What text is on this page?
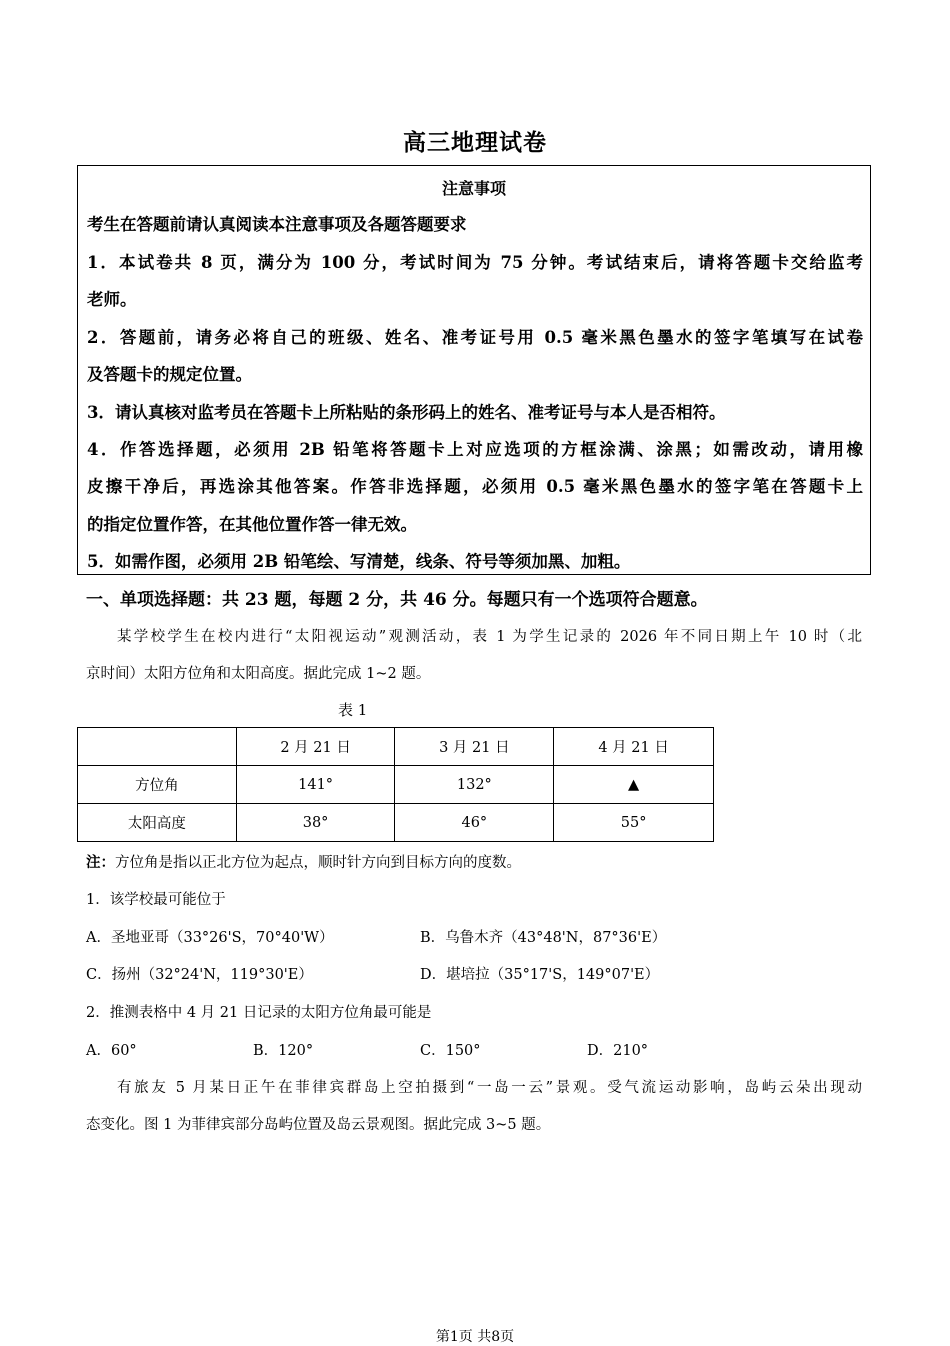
高三地理试卷
注意事项
考生在答题前请认真阅读本注意事项及各题答题要求
1．本试卷共 8 页，满分为 100 分，考试时间为 75 分钟。考试结束后，请将答题卡交给监考
老师。
2．答题前，请务必将自己的班级、姓名、准考证号用 0.5 毫米黑色墨水的签字笔填写在试卷
及答题卡的规定位置。
3．请认真核对监考员在答题卡上所粘贴的条形码上的姓名、准考证号与本人是否相符。
4．作答选择题，必须用 2B 铅笔将答题卡上对应选项的方框涂满、涂黑；如需改动，请用橡
皮擦干净后，再选涂其他答案。作答非选择题，必须用 0.5 毫米黑色墨水的签字笔在答题卡上
的指定位置作答，在其他位置作答一律无效。
5．如需作图，必须用 2B 铅笔绘、写清楚，线条、符号等须加黑、加粗。
一、单项选择题：共 23 题，每题 2 分，共 46 分。每题只有一个选项符合题意。
某学校学生在校内进行“太阳视运动”观测活动，表 1 为学生记录的 2026 年不同日期上午 10 时（北
京时间）太阳方位角和太阳高度。据此完成 1~2 题。
表 1
	2 月 21 日	3 月 21 日	4 月 21 日
方位角	141°	132°	▲
太阳高度	38°	46°	55°
注：方位角是指以正北方位为起点，顺时针方向到目标方向的度数。
1．该学校最可能位于
A．圣地亚哥（33°26'S，70°40'W）	B．乌鲁木齐（43°48'N，87°36'E）
C．扬州（32°24'N，119°30'E）	D．堪培拉（35°17'S，149°07'E）
2．推测表格中 4 月 21 日记录的太阳方位角最可能是
A．60°	B．120°	C．150°	D．210°
有旅友 5 月某日正午在菲律宾群岛上空拍摄到“一岛一云”景观。受气流运动影响，岛屿云朵出现动
态变化。图 1 为菲律宾部分岛屿位置及岛云景观图。据此完成 3~5 题。
第1页 共8页
